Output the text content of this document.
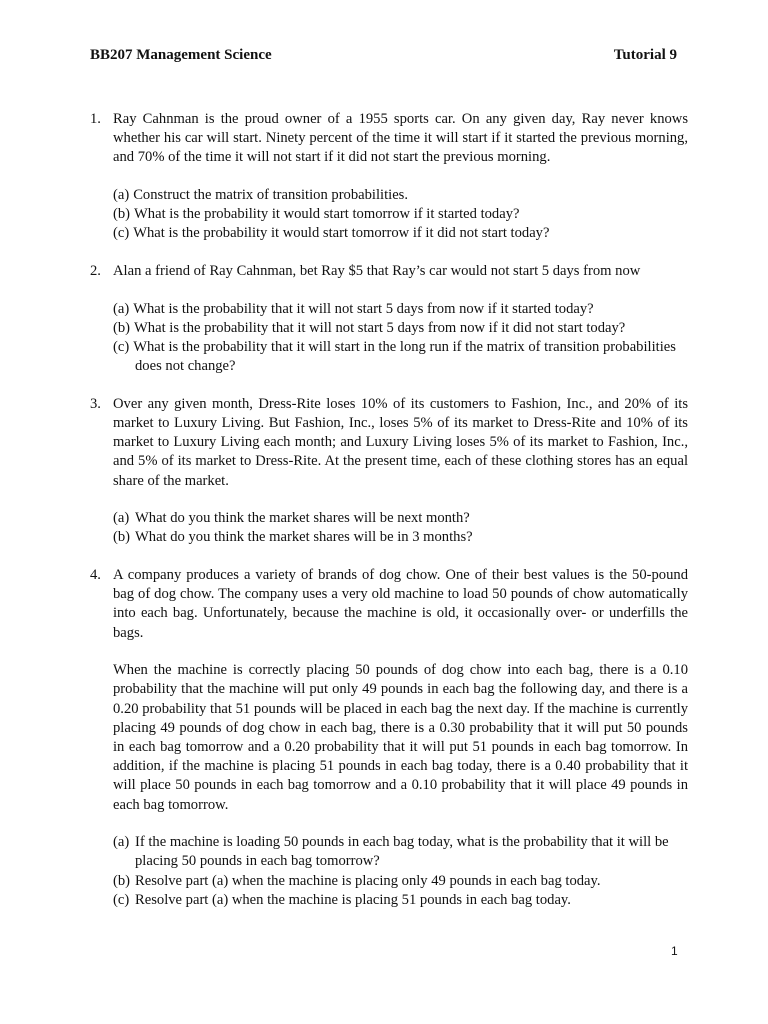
BB207 Management Science	Tutorial 9
1. Ray Cahnman is the proud owner of a 1955 sports car. On any given day, Ray never knows whether his car will start. Ninety percent of the time it will start if it started the previous morning, and 70% of the time it will not start if it did not start the previous morning.

(a) Construct the matrix of transition probabilities.
(b) What is the probability it would start tomorrow if it started today?
(c) What is the probability it would start tomorrow if it did not start today?
2. Alan a friend of Ray Cahnman, bet Ray $5 that Ray’s car would not start 5 days from now

(a) What is the probability that it will not start 5 days from now if it started today?
(b) What is the probability that it will not start 5 days from now if it did not start today?
(c) What is the probability that it will start in the long run if the matrix of transition probabilities does not change?
3. Over any given month, Dress-Rite loses 10% of its customers to Fashion, Inc., and 20% of its market to Luxury Living. But Fashion, Inc., loses 5% of its market to Dress-Rite and 10% of its market to Luxury Living each month; and Luxury Living loses 5% of its market to Fashion, Inc., and 5% of its market to Dress-Rite. At the present time, each of these clothing stores has an equal share of the market.

(a) What do you think the market shares will be next month?
(b) What do you think the market shares will be in 3 months?
4. A company produces a variety of brands of dog chow. One of their best values is the 50-pound bag of dog chow. The company uses a very old machine to load 50 pounds of chow automatically into each bag. Unfortunately, because the machine is old, it occasionally over- or underfills the bags.

When the machine is correctly placing 50 pounds of dog chow into each bag, there is a 0.10 probability that the machine will put only 49 pounds in each bag the following day, and there is a 0.20 probability that 51 pounds will be placed in each bag the next day. If the machine is currently placing 49 pounds of dog chow in each bag, there is a 0.30 probability that it will put 50 pounds in each bag tomorrow and a 0.20 probability that it will put 51 pounds in each bag tomorrow. In addition, if the machine is placing 51 pounds in each bag today, there is a 0.40 probability that it will place 50 pounds in each bag tomorrow and a 0.10 probability that it will place 49 pounds in each bag tomorrow.

(a) If the machine is loading 50 pounds in each bag today, what is the probability that it will be placing 50 pounds in each bag tomorrow?
(b) Resolve part (a) when the machine is placing only 49 pounds in each bag today.
(c) Resolve part (a) when the machine is placing 51 pounds in each bag today.
1
